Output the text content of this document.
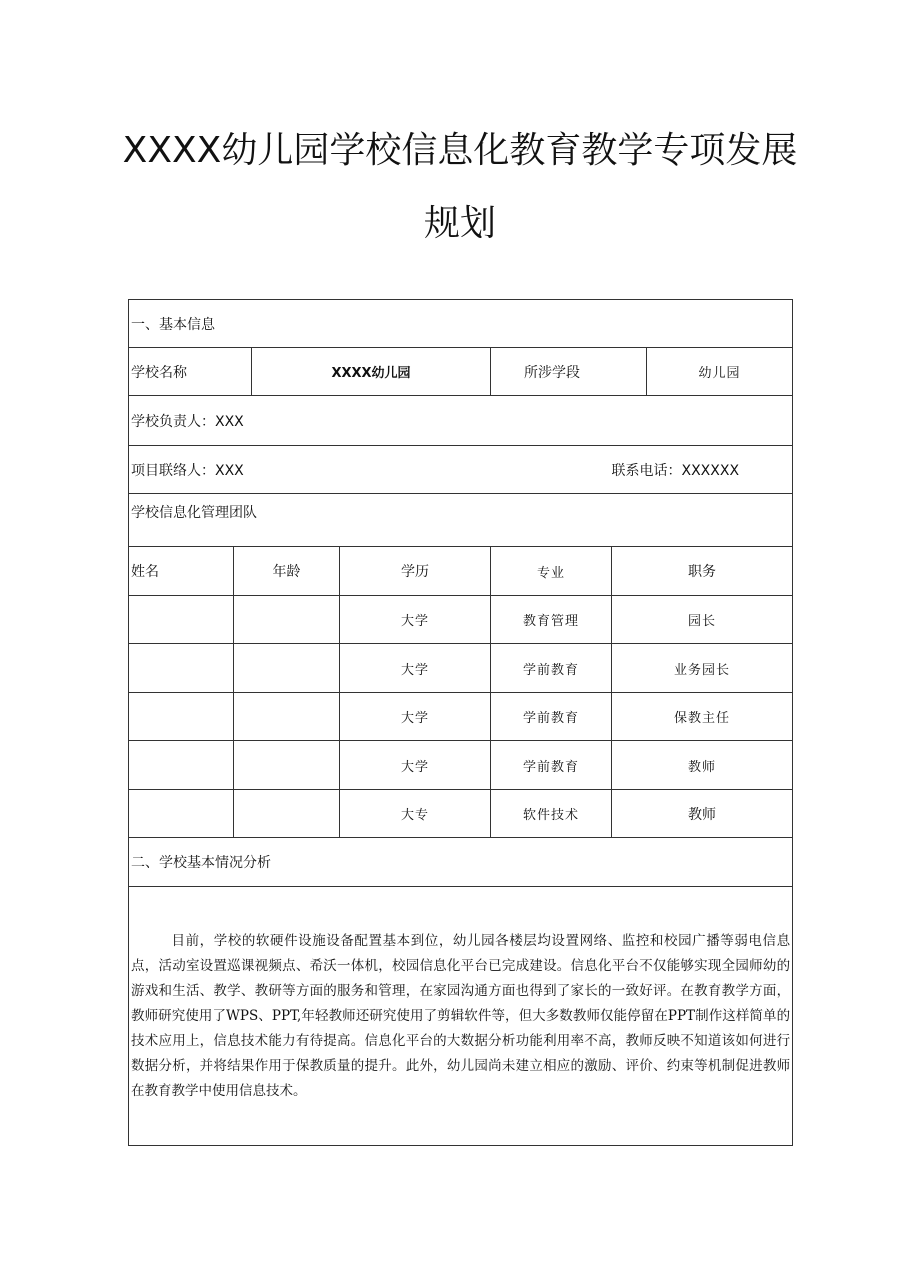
XXXX幼儿园学校信息化教育教学专项发展
规划
一、基本信息						
学校名称		XXXX幼儿园		所涉学段		幼儿园
学校负责人：XXX						
项目联络人：XXX					联系电话：XXXXXX	
学校信息化管理团队						
姓名	年龄		学历	专业	职务	
			大学	教育管理	园长	
			大学	学前教育	业务园长	
			大学	学前教育	保教主任	
			大学	学前教育	教师	
			大专	软件技术	教师	
二、学校基本情况分析						

目前，学校的软硬件设施设备配置基本到位，幼儿园各楼层均设置网络、监控和校园广播等弱电信息点，活动室设置巡课视频点、希沃一体机，校园信息化平台已完成建设。信息化平台不仅能够实现全园师幼的游戏和生活、教学、教研等方面的服务和管理，在家园沟通方面也得到了家长的一致好评。在教育教学方面，教师研究使用了WPS、PPT,年轻教师还研究使用了剪辑软件等，但大多数教师仅能停留在PPT制作这样简单的技术应用上，信息技术能力有待提高。信息化平台的大数据分析功能利用率不高，教师反映不知道该如何进行数据分析，并将结果作用于保教质量的提升。此外，幼儿园尚未建立相应的激励、评价、约束等机制促进教师在教育教学中使用信息技术。						
